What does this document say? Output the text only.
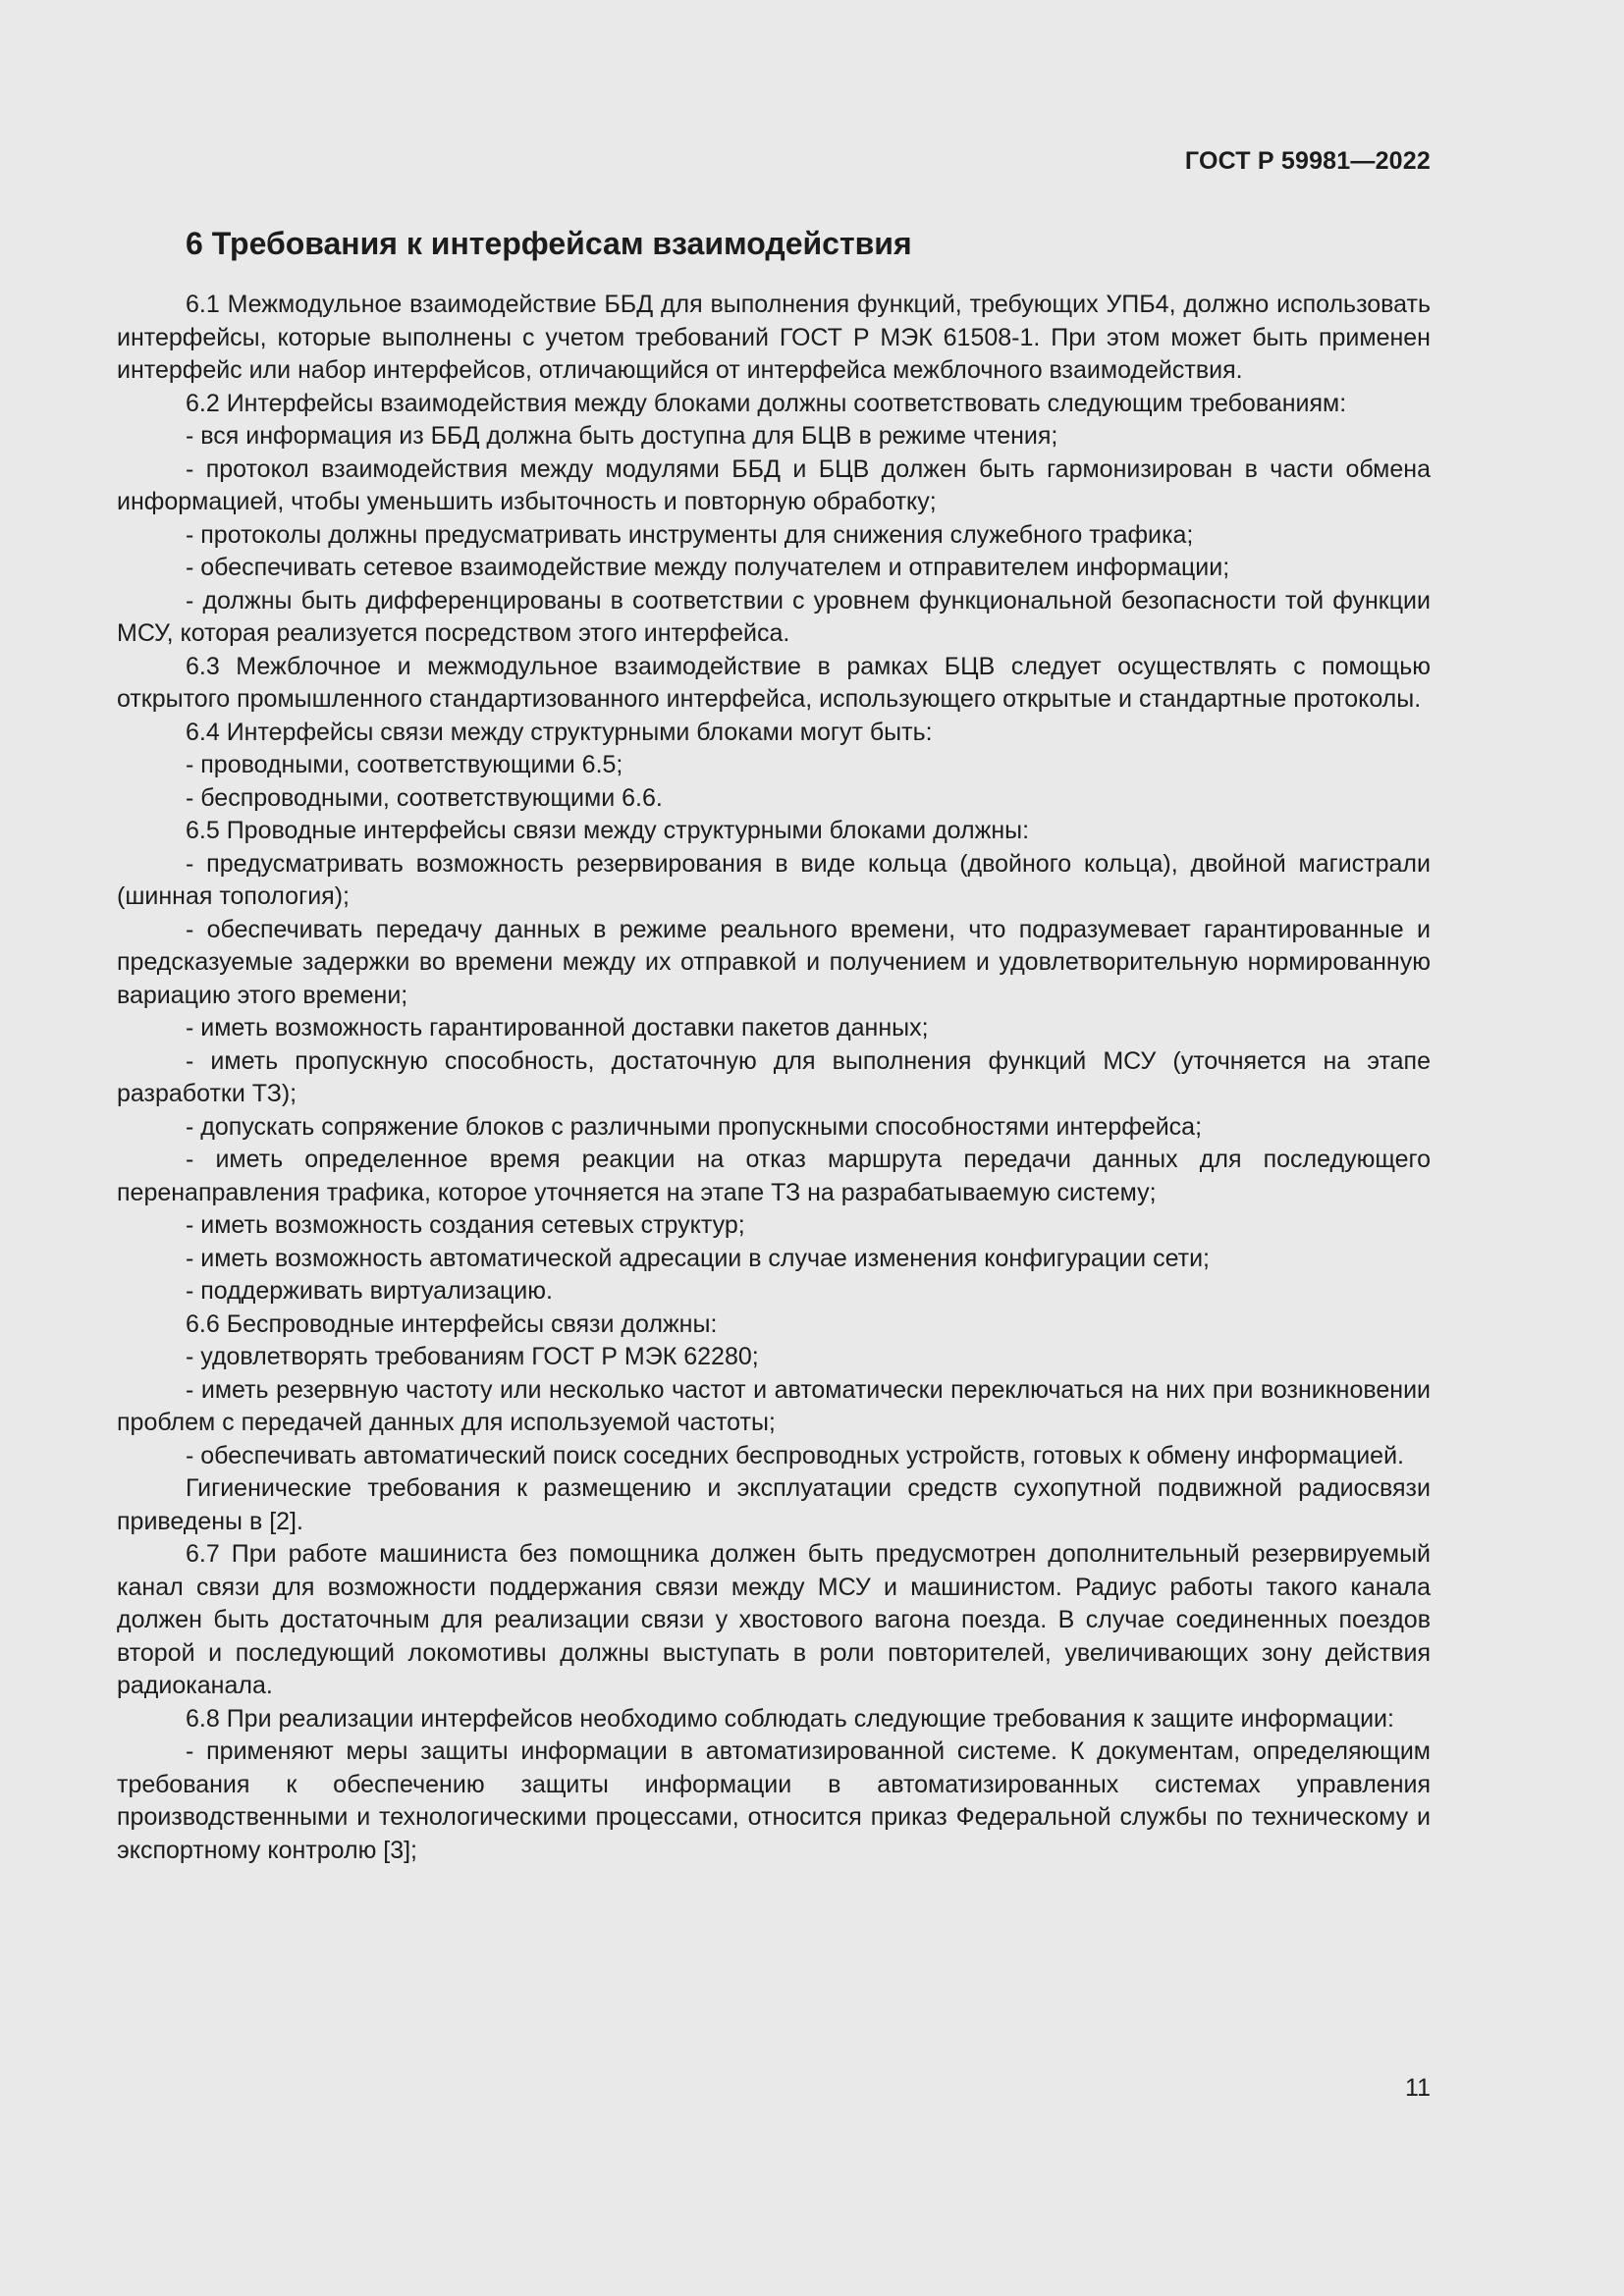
ГОСТ Р 59981—2022
6 Требования к интерфейсам взаимодействия

6.1 Межмодульное взаимодействие ББД для выполнения функций, требующих УПБ4, должно использовать интерфейсы, которые выполнены с учетом требований ГОСТ Р МЭК 61508-1. При этом может быть применен интерфейс или набор интерфейсов, отличающийся от интерфейса межблочного взаимодействия.

6.2 Интерфейсы взаимодействия между блоками должны соответствовать следующим требованиям:

- вся информация из ББД должна быть доступна для БЦВ в режиме чтения;

- протокол взаимодействия между модулями ББД и БЦВ должен быть гармонизирован в части обмена информацией, чтобы уменьшить избыточность и повторную обработку;

- протоколы должны предусматривать инструменты для снижения служебного трафика;

- обеспечивать сетевое взаимодействие между получателем и отправителем информации;

- должны быть дифференцированы в соответствии с уровнем функциональной безопасности той функции МСУ, которая реализуется посредством этого интерфейса.

6.3 Межблочное и межмодульное взаимодействие в рамках БЦВ следует осуществлять с помощью открытого промышленного стандартизованного интерфейса, использующего открытые и стандартные протоколы.

6.4 Интерфейсы связи между структурными блоками могут быть:

- проводными, соответствующими 6.5;

- беспроводными, соответствующими 6.6.

6.5 Проводные интерфейсы связи между структурными блоками должны:

- предусматривать возможность резервирования в виде кольца (двойного кольца), двойной магистрали (шинная топология);

- обеспечивать передачу данных в режиме реального времени, что подразумевает гарантированные и предсказуемые задержки во времени между их отправкой и получением и удовлетворительную нормированную вариацию этого времени;

- иметь возможность гарантированной доставки пакетов данных;

- иметь пропускную способность, достаточную для выполнения функций МСУ (уточняется на этапе разработки ТЗ);

- допускать сопряжение блоков с различными пропускными способностями интерфейса;

- иметь определенное время реакции на отказ маршрута передачи данных для последующего перенаправления трафика, которое уточняется на этапе ТЗ на разрабатываемую систему;

- иметь возможность создания сетевых структур;

- иметь возможность автоматической адресации в случае изменения конфигурации сети;

- поддерживать виртуализацию.

6.6 Беспроводные интерфейсы связи должны:

- удовлетворять требованиям ГОСТ Р МЭК 62280;

- иметь резервную частоту или несколько частот и автоматически переключаться на них при возникновении проблем с передачей данных для используемой частоты;

- обеспечивать автоматический поиск соседних беспроводных устройств, готовых к обмену информацией.

Гигиенические требования к размещению и эксплуатации средств сухопутной подвижной радиосвязи приведены в [2].

6.7 При работе машиниста без помощника должен быть предусмотрен дополнительный резервируемый канал связи для возможности поддержания связи между МСУ и машинистом. Радиус работы такого канала должен быть достаточным для реализации связи у хвостового вагона поезда. В случае соединенных поездов второй и последующий локомотивы должны выступать в роли повторителей, увеличивающих зону действия радиоканала.

6.8 При реализации интерфейсов необходимо соблюдать следующие требования к защите информации:

- применяют меры защиты информации в автоматизированной системе. К документам, определяющим требования к обеспечению защиты информации в автоматизированных системах управления производственными и технологическими процессами, относится приказ Федеральной службы по техническому и экспортному контролю [3];

11
